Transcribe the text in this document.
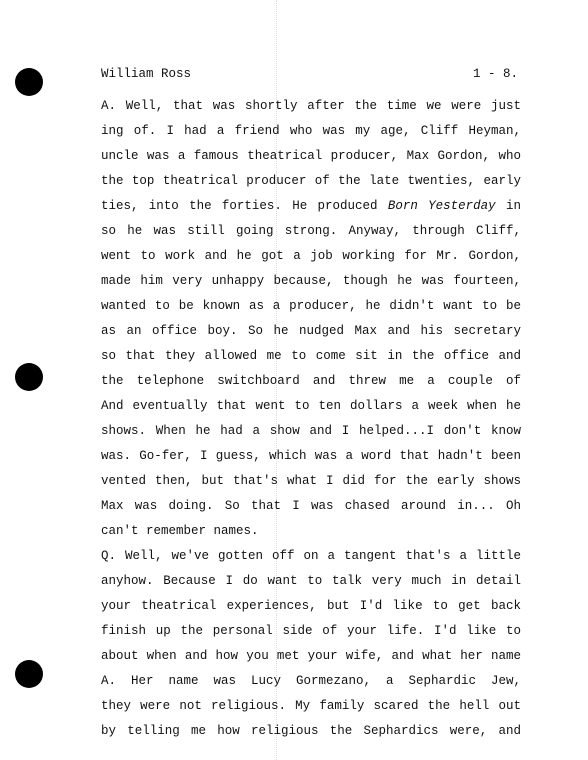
William Ross	1 - 8.
A. Well, that was shortly after the time we were just
ing of. I had a friend who was my age, Cliff Heyman,
uncle was a famous theatrical producer, Max Gordon, who
the top theatrical producer of the late twenties, early
ties, into the forties. He produced Born Yesterday in
so he was still going strong. Anyway, through Cliff,
went to work and he got a job working for Mr. Gordon,
made him very unhappy because, though he was fourteen,
wanted to be known as a producer, he didn't want to be
as an office boy. So he nudged Max and his secretary
so that they allowed me to come sit in the office and
the telephone switchboard and threw me a couple of
And eventually that went to ten dollars a week when he
shows. When he had a show and I helped...I don't know
was. Go-fer, I guess, which was a word that hadn't been
vented then, but that's what I did for the early shows
Max was doing. So that I was chased around in... Oh
can't remember names.
Q. Well, we've gotten off on a tangent that's a little
anyhow. Because I do want to talk very much in detail
your theatrical experiences, but I'd like to get back
finish up the personal side of your life. I'd like to
about when and how you met your wife, and what her name
A. Her name was Lucy Gormezano, a Sephardic Jew,
they were not religious. My family scared the hell out
by telling me how religious the Sephardics were, and
